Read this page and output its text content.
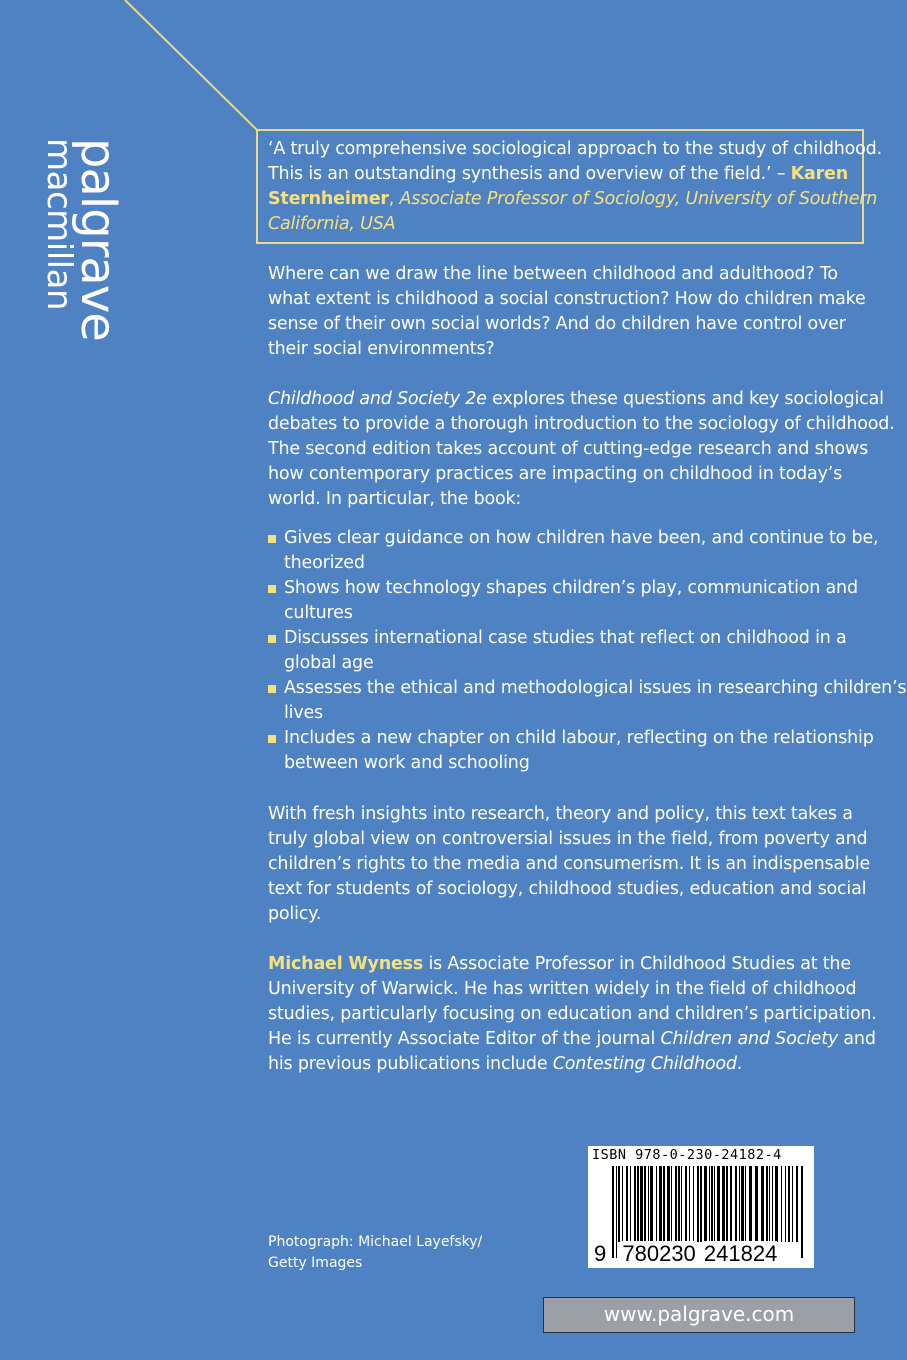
palgrave
macmillan	‘A truly comprehensive sociological approach to the study of childhood.
This is an outstanding synthesis and overview of the field.’ – Karen
Sternheimer, Associate Professor of Sociology, University of Southern
California, USA
Where can we draw the line between childhood and adulthood? To
what extent is childhood a social construction? How do children make
sense of their own social worlds? And do children have control over
their social environments?
Childhood and Society 2e explores these questions and key sociological
debates to provide a thorough introduction to the sociology of childhood.
The second edition takes account of cutting-edge research and shows
how contemporary practices are impacting on childhood in today’s
world. In particular, the book:
Gives clear guidance on how children have been, and continue to be,
theorized
Shows how technology shapes children’s play, communication and
cultures
Discusses international case studies that reflect on childhood in a
global age
Assesses the ethical and methodological issues in researching children’s
lives
Includes a new chapter on child labour, reflecting on the relationship
between work and schooling
With fresh insights into research, theory and policy, this text takes a
truly global view on controversial issues in the field, from poverty and
children’s rights to the media and consumerism. It is an indispensable
text for students of sociology, childhood studies, education and social
policy.
Michael Wyness is Associate Professor in Childhood Studies at the
University of Warwick. He has written widely in the field of childhood
studies, particularly focusing on education and children’s participation.
He is currently Associate Editor of the journal Children and Society and
his previous publications include Contesting Childhood.
Photograph: Michael Layefsky/
Getty Images
ISBN 978-0-230-24182-4
9 780230 241824
www.palgrave.com
